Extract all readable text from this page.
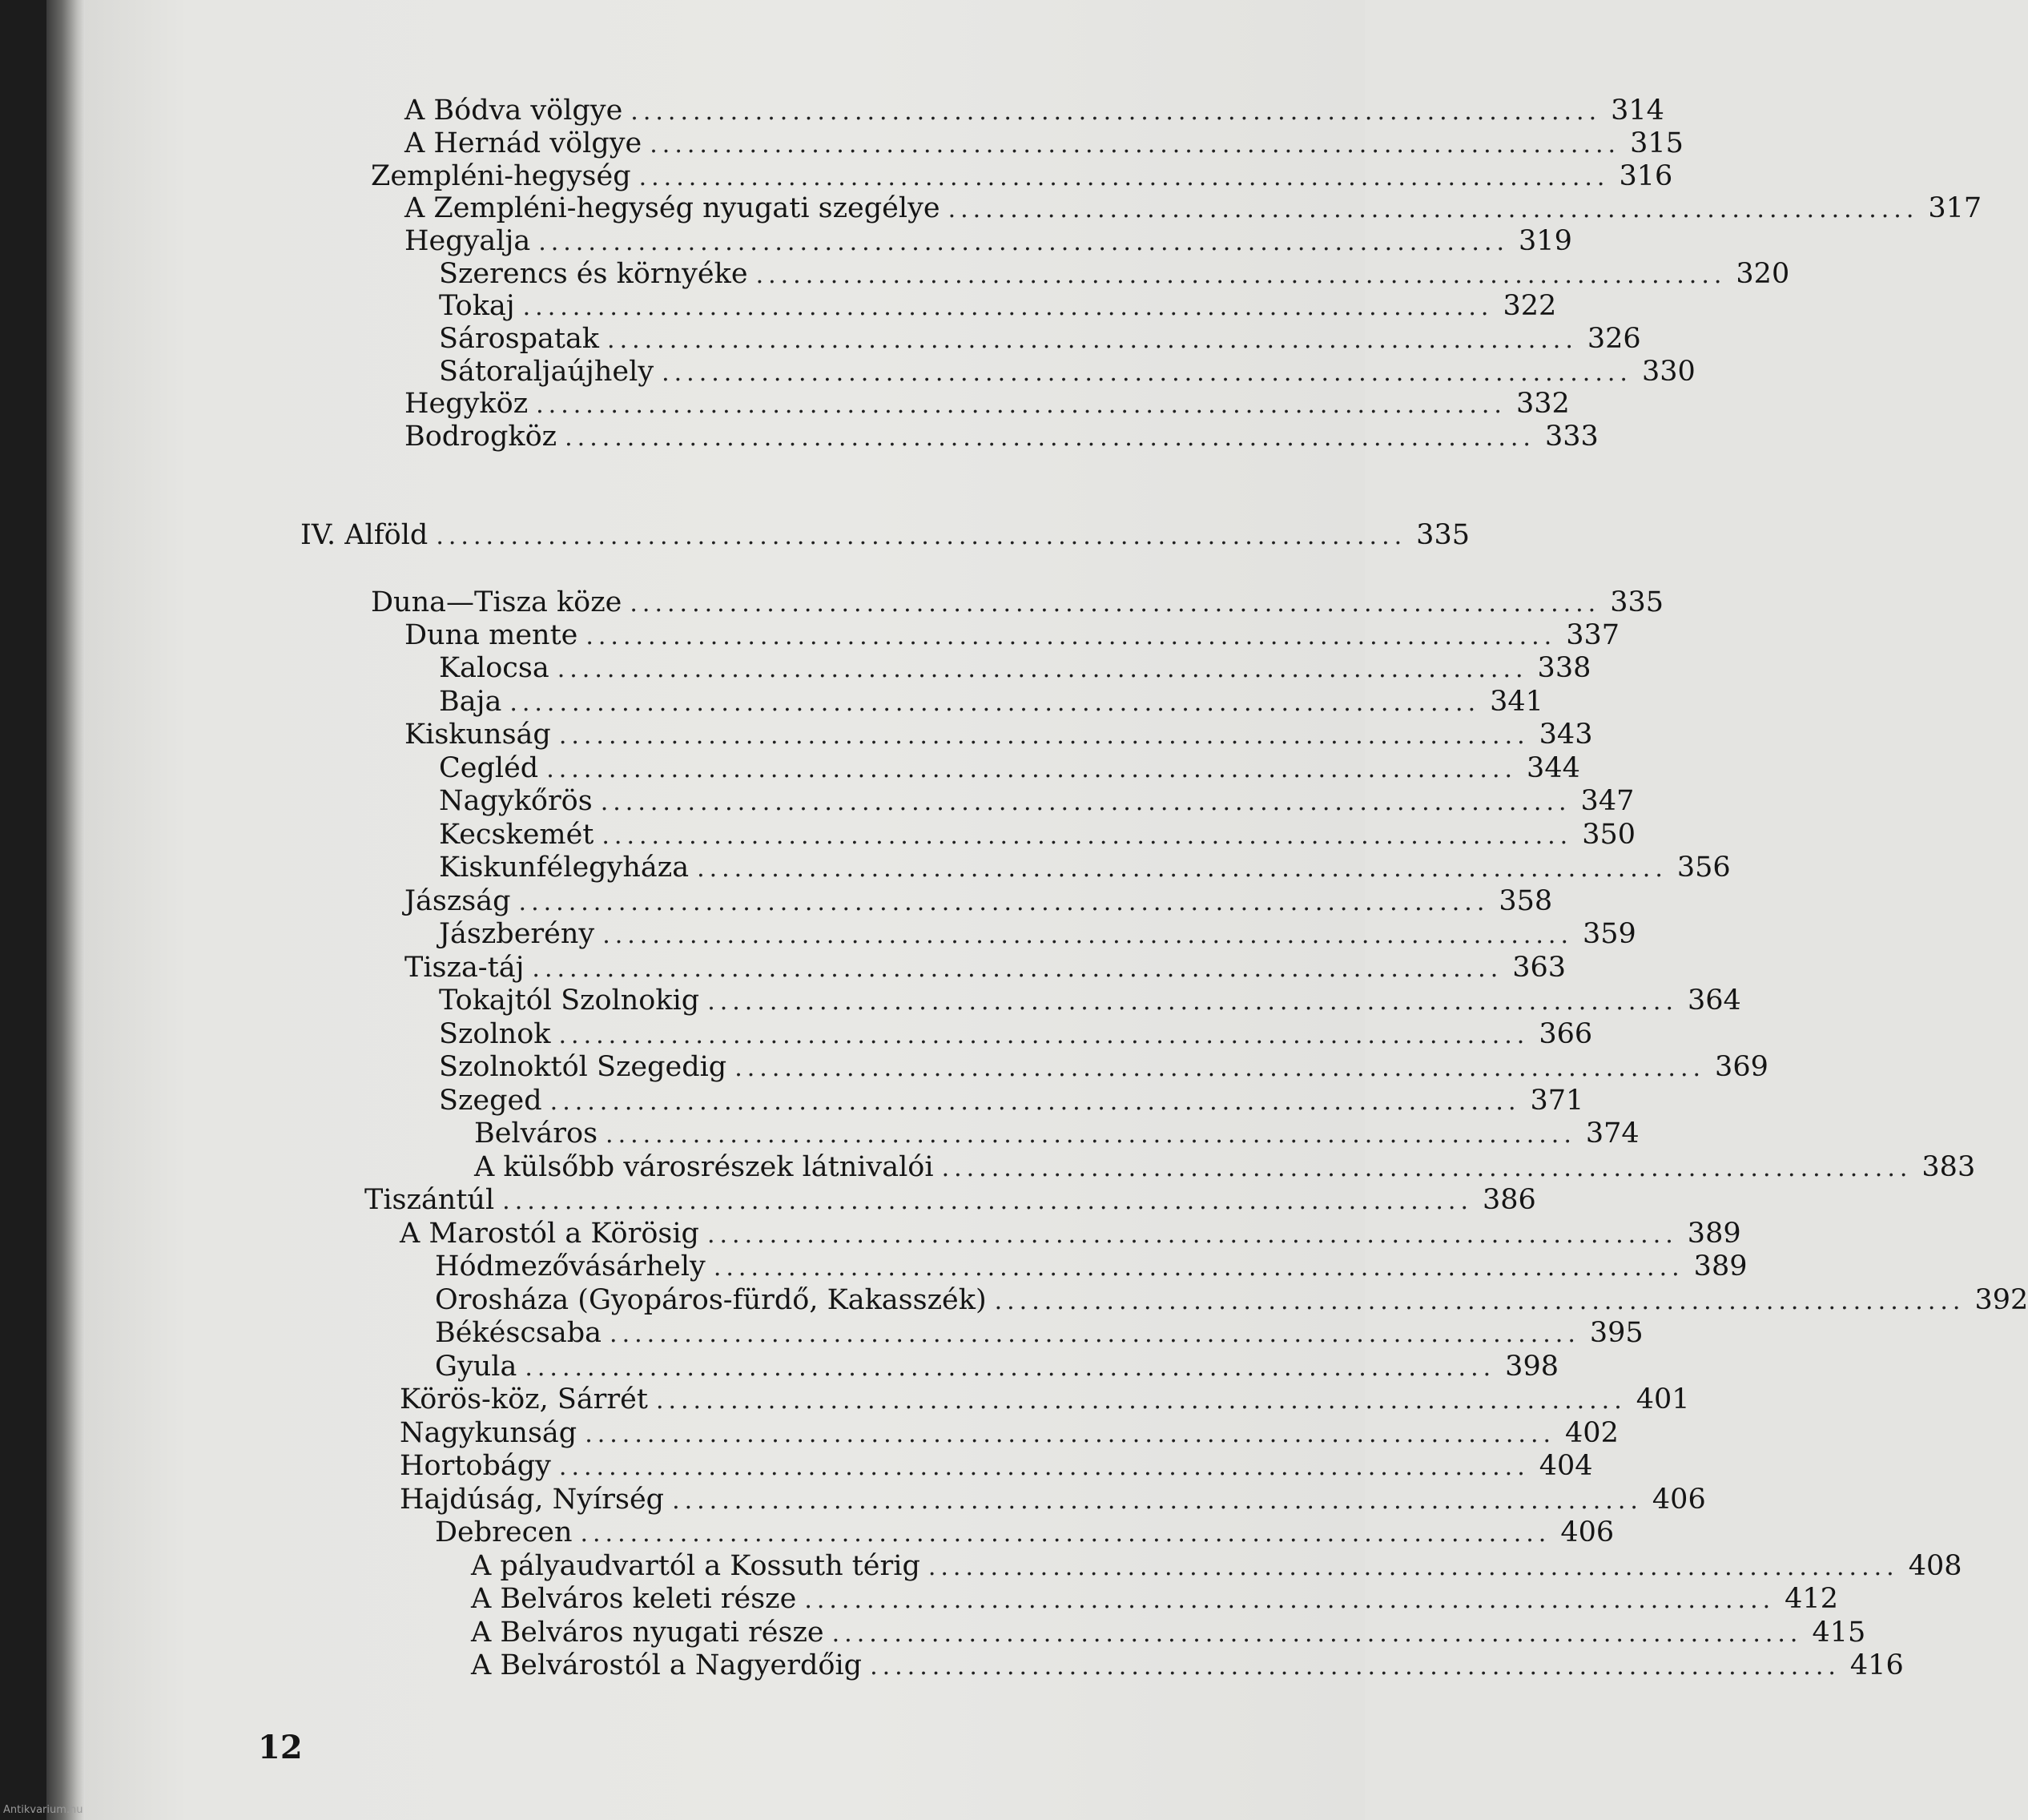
A Bódva völgye .............................................................................. 314
A Hernád völgye .............................................................................. 315
Zempléni-hegység .............................................................................. 316
A Zempléni-hegység nyugati szegélye .............................................................................. 317
Hegyalja .............................................................................. 319
Szerencs és környéke .............................................................................. 320
Tokaj .............................................................................. 322
Sárospatak .............................................................................. 326
Sátoraljaújhely .............................................................................. 330
Hegyköz .............................................................................. 332
Bodrogköz .............................................................................. 333
IV. Alföld .............................................................................. 335
Duna—Tisza köze .............................................................................. 335
Duna mente .............................................................................. 337
Kalocsa .............................................................................. 338
Baja .............................................................................. 341
Kiskunság .............................................................................. 343
Cegléd .............................................................................. 344
Nagykőrös .............................................................................. 347
Kecskemét .............................................................................. 350
Kiskunfélegyháza .............................................................................. 356
Jászság .............................................................................. 358
Jászberény .............................................................................. 359
Tisza-táj .............................................................................. 363
Tokajtól Szolnokig .............................................................................. 364
Szolnok .............................................................................. 366
Szolnoktól Szegedig .............................................................................. 369
Szeged .............................................................................. 371
Belváros .............................................................................. 374
A külsőbb városrészek látnivalói .............................................................................. 383
Tiszántúl .............................................................................. 386
A Marostól a Körösig .............................................................................. 389
Hódmezővásárhely .............................................................................. 389
Orosháza (Gyopáros-fürdő, Kakasszék) .............................................................................. 392
Békéscsaba .............................................................................. 395
Gyula .............................................................................. 398
Körös-köz, Sárrét .............................................................................. 401
Nagykunság .............................................................................. 402
Hortobágy .............................................................................. 404
Hajdúság, Nyírség .............................................................................. 406
Debrecen .............................................................................. 406
A pályaudvartól a Kossuth térig .............................................................................. 408
A Belváros keleti része .............................................................................. 412
A Belváros nyugati része .............................................................................. 415
A Belvárostól a Nagyerdőig .............................................................................. 416
12
Antikvarium.hu
